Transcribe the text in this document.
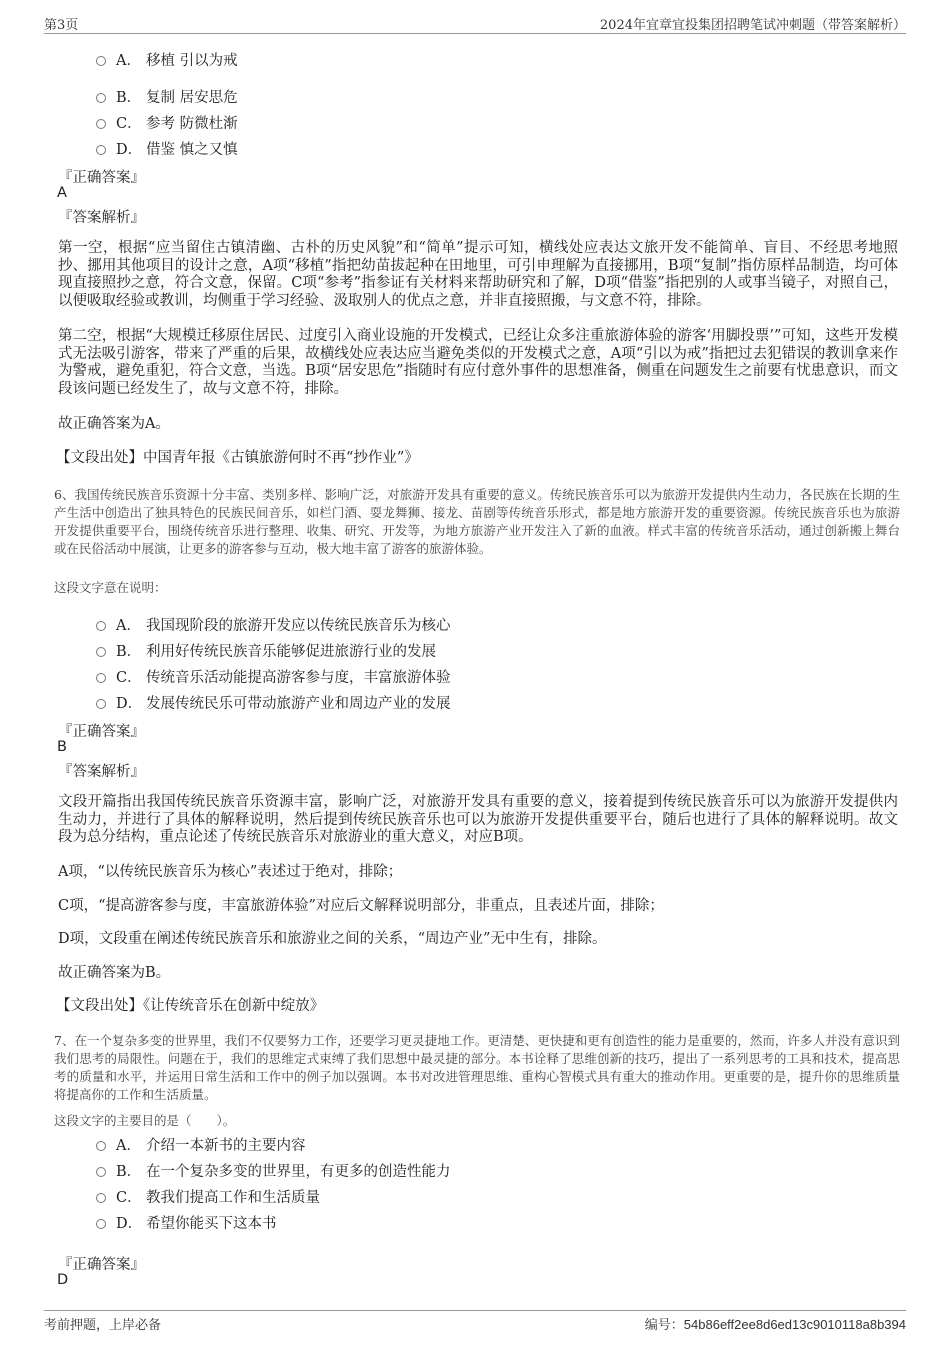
第3页	2024年宜章宜投集团招聘笔试冲刺题（带答案解析）
A． 移植 引以为戒
B． 复制 居安思危
C． 参考 防微杜渐
D． 借鉴 慎之又慎
『正确答案』
A
『答案解析』
第一空，根据“应当留住古镇清幽、古朴的历史风貌”和“简单”提示可知，横线处应表达文旅开发不能简单、盲目、不经思考地照抄、挪用其他项目的设计之意，A项“移植”指把幼苗拔起种在田地里，可引申理解为直接挪用，B项“复制”指仿原样品制造，均可体现直接照抄之意，符合文意，保留。C项“参考”指参证有关材料来帮助研究和了解，D项“借鉴”指把别的人或事当镜子，对照自己，以便吸取经验或教训，均侧重于学习经验、汲取别人的优点之意，并非直接照搬，与文意不符，排除。
第二空，根据“大规模迁移原住居民、过度引入商业设施的开发模式，已经让众多注重旅游体验的游客‘用脚投票’”可知，这些开发模式无法吸引游客，带来了严重的后果，故横线处应表达应当避免类似的开发模式之意，A项“引以为戒”指把过去犯错误的教训拿来作为警戒，避免重犯，符合文意，当选。B项“居安思危”指随时有应付意外事件的思想准备，侧重在问题发生之前要有忧患意识，而文段该问题已经发生了，故与文意不符，排除。
故正确答案为A。
【文段出处】中国青年报《古镇旅游何时不再“抄作业”》
6、我国传统民族音乐资源十分丰富、类别多样、影响广泛，对旅游开发具有重要的意义。传统民族音乐可以为旅游开发提供内生动力，各民族在长期的生产生活中创造出了独具特色的民族民间音乐，如栏门酒、耍龙舞狮、接龙、苗剧等传统音乐形式，都是地方旅游开发的重要资源。传统民族音乐也为旅游开发提供重要平台，围绕传统音乐进行整理、收集、研究、开发等，为地方旅游产业开发注入了新的血液。样式丰富的传统音乐活动，通过创新搬上舞台或在民俗活动中展演，让更多的游客参与互动，极大地丰富了游客的旅游体验。
这段文字意在说明：
A． 我国现阶段的旅游开发应以传统民族音乐为核心
B． 利用好传统民族音乐能够促进旅游行业的发展
C． 传统音乐活动能提高游客参与度，丰富旅游体验
D． 发展传统民乐可带动旅游产业和周边产业的发展
『正确答案』
B
『答案解析』
文段开篇指出我国传统民族音乐资源丰富，影响广泛，对旅游开发具有重要的意义，接着提到传统民族音乐可以为旅游开发提供内生动力，并进行了具体的解释说明，然后提到传统民族音乐也可以为旅游开发提供重要平台，随后也进行了具体的解释说明。故文段为总分结构，重点论述了传统民族音乐对旅游业的重大意义，对应B项。
A项，“以传统民族音乐为核心”表述过于绝对，排除；
C项，“提高游客参与度，丰富旅游体验”对应后文解释说明部分，非重点，且表述片面，排除；
D项，文段重在阐述传统民族音乐和旅游业之间的关系，“周边产业”无中生有，排除。
故正确答案为B。
【文段出处】《让传统音乐在创新中绽放》
7、在一个复杂多变的世界里，我们不仅要努力工作，还要学习更灵捷地工作。更清楚、更快捷和更有创造性的能力是重要的，然而，许多人并没有意识到我们思考的局限性。问题在于，我们的思维定式束缚了我们思想中最灵捷的部分。本书诠释了思维创新的技巧，提出了一系列思考的工具和技术，提高思考的质量和水平，并运用日常生活和工作中的例子加以强调。本书对改进管理思维、重构心智模式具有重大的推动作用。更重要的是，提升你的思维质量将提高你的工作和生活质量。
这段文字的主要目的是（　　）。
A． 介绍一本新书的主要内容
B． 在一个复杂多变的世界里，有更多的创造性能力
C． 教我们提高工作和生活质量
D． 希望你能买下这本书
『正确答案』
D
考前押题，上岸必备	编号：54b86eff2ee8d6ed13c9010118a8b394
